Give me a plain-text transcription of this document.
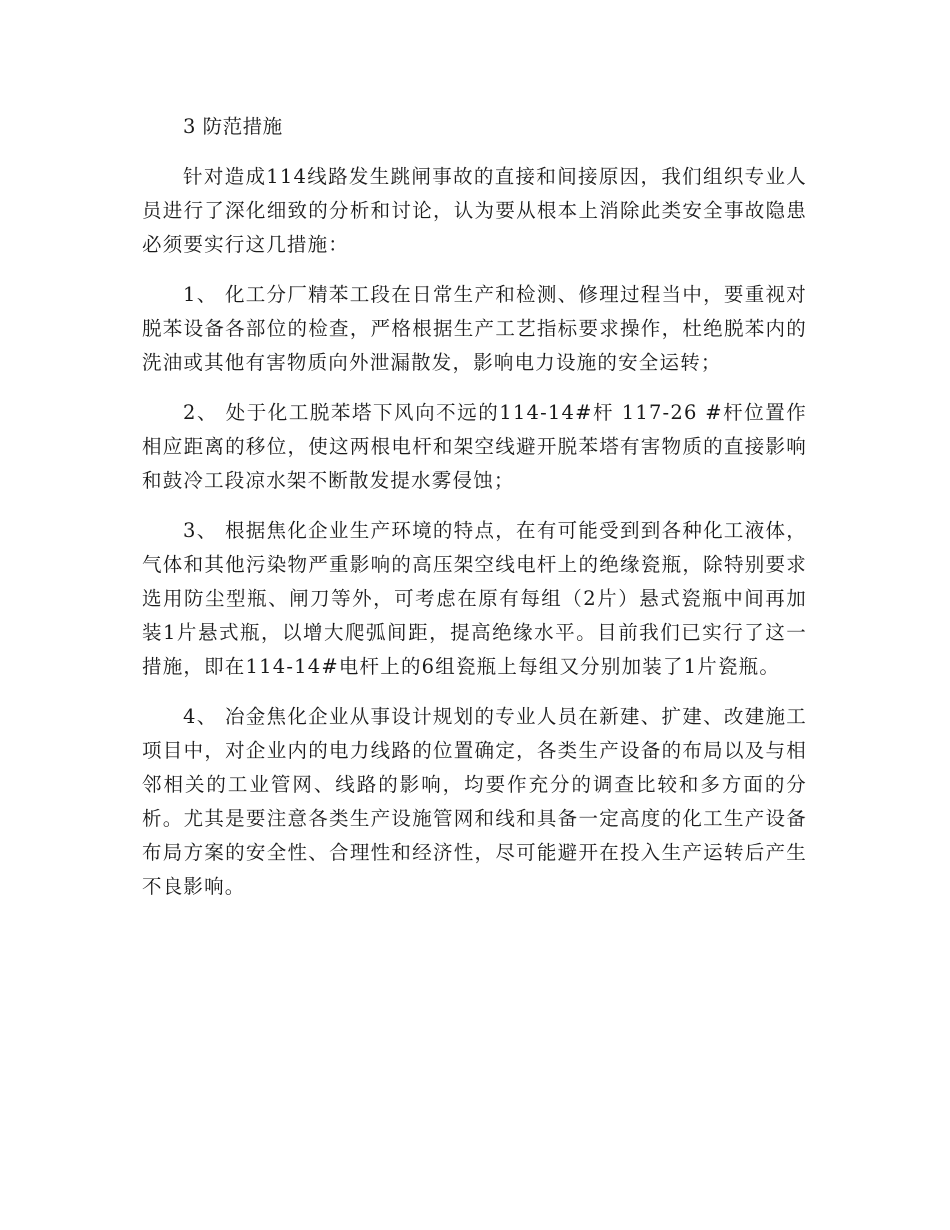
3 防范措施

针对造成114线路发生跳闸事故的直接和间接原因，我们组织专业人员进行了深化细致的分析和讨论，认为要从根本上消除此类安全事故隐患必须要实行这几措施：

1、 化工分厂精苯工段在日常生产和检测、修理过程当中，要重视对脱苯设备各部位的检查，严格根据生产工艺指标要求操作，杜绝脱苯内的洗油或其他有害物质向外泄漏散发，影响电力设施的安全运转；

2、 处于化工脱苯塔下风向不远的114-14#杆 117-26 #杆位置作相应距离的移位，使这两根电杆和架空线避开脱苯塔有害物质的直接影响和鼓冷工段凉水架不断散发提水雾侵蚀；

3、 根据焦化企业生产环境的特点，在有可能受到到各种化工液体，气体和其他污染物严重影响的高压架空线电杆上的绝缘瓷瓶，除特别要求选用防尘型瓶、闸刀等外，可考虑在原有每组（2片）悬式瓷瓶中间再加装1片悬式瓶，以增大爬弧间距，提高绝缘水平。目前我们已实行了这一措施，即在114-14#电杆上的6组瓷瓶上每组又分别加装了1片瓷瓶。

4、 冶金焦化企业从事设计规划的专业人员在新建、扩建、改建施工项目中，对企业内的电力线路的位置确定，各类生产设备的布局以及与相邻相关的工业管网、线路的影响，均要作充分的调查比较和多方面的分析。尤其是要注意各类生产设施管网和线和具备一定高度的化工生产设备布局方案的安全性、合理性和经济性，尽可能避开在投入生产运转后产生不良影响。
